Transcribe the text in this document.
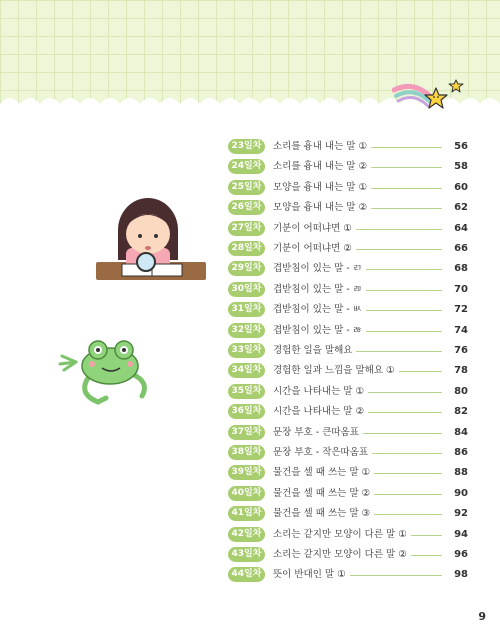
23일차	소리를 흉내 내는 말 ①	56
24일차	소리를 흉내 내는 말 ②	58
25일차	모양을 흉내 내는 말 ①	60
26일차	모양을 흉내 내는 말 ②	62
27일차	기분이 어떠냐면 ①	64
28일차	기분이 어떠냐면 ②	66
29일차	겹받침이 있는 말 - ㄺ	68
30일차	겹받침이 있는 말 - ㄻ	70
31일차	겹받침이 있는 말 - ㅄ	72
32일차	겹받침이 있는 말 - ㅀ	74
33일차	경험한 일을 말해요	76
34일차	경험한 일과 느낌을 말해요 ①	78
35일차	시간을 나타내는 말 ①	80
36일차	시간을 나타내는 말 ②	82
37일차	문장 부호 - 큰따옴표	84
38일차	문장 부호 - 작은따옴표	86
39일차	물건을 셀 때 쓰는 말 ①	88
40일차	물건을 셀 때 쓰는 말 ②	90
41일차	물건을 셀 때 쓰는 말 ③	92
42일차	소리는 같지만 모양이 다른 말 ①	94
43일차	소리는 같지만 모양이 다른 말 ②	96
44일차	뜻이 반대인 말 ①	98
9
